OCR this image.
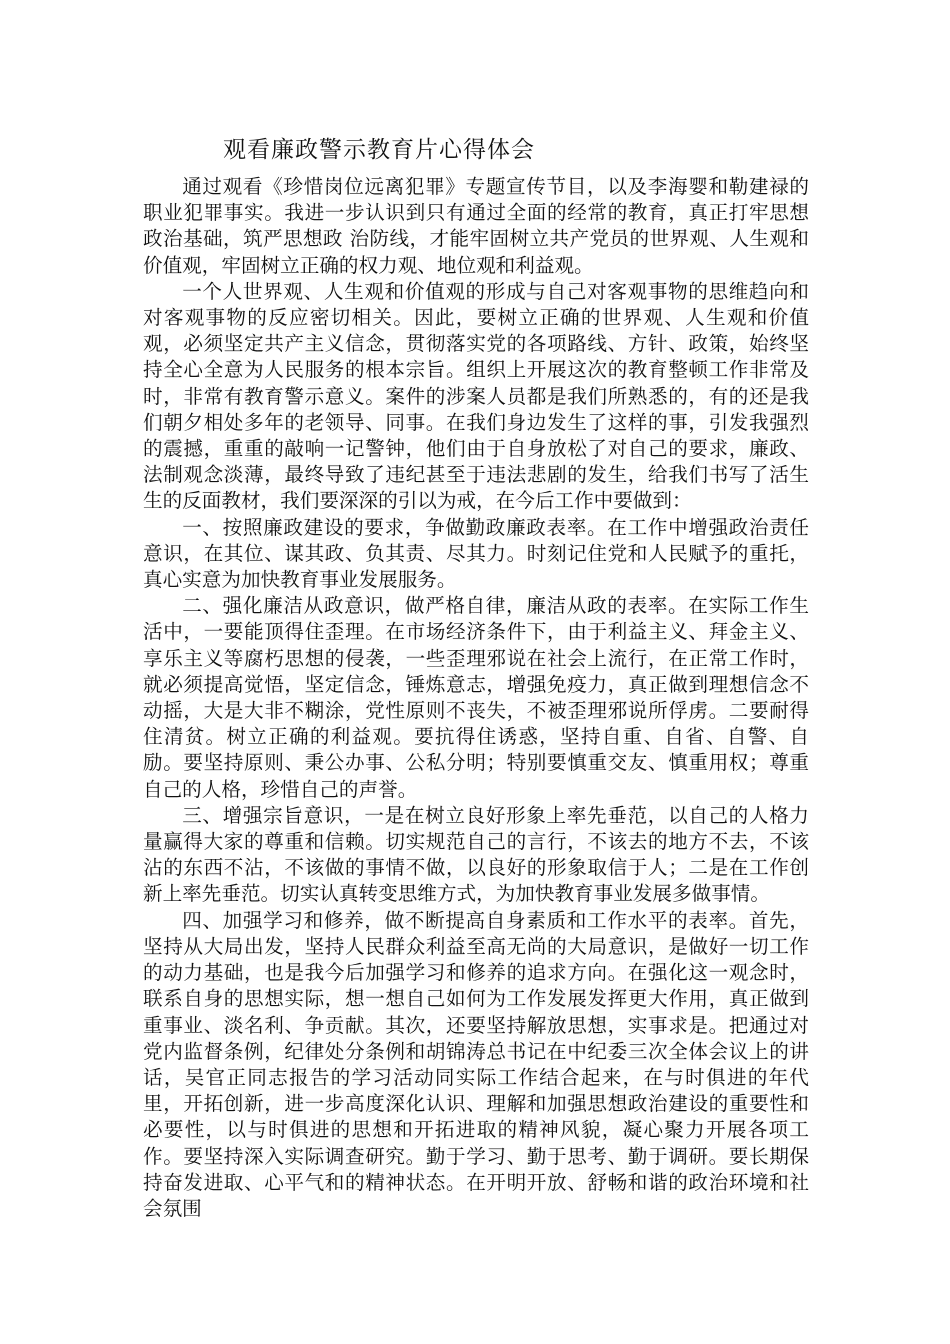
观看廉政警示教育片心得体会

通过观看《珍惜岗位远离犯罪》专题宣传节目，以及李海婴和勒建禄的职业犯罪事实。我进一步认识到只有通过全面的经常的教育，真正打牢思想政治基础，筑严思想政 治防线，才能牢固树立共产党员的世界观、人生观和价值观，牢固树立正确的权力观、地位观和利益观。

一个人世界观、人生观和价值观的形成与自己对客观事物的思维趋向和对客观事物的反应密切相关。因此，要树立正确的世界观、人生观和价值观，必须坚定共产主义信念，贯彻落实党的各项路线、方针、政策，始终坚持全心全意为人民服务的根本宗旨。组织上开展这次的教育整顿工作非常及时，非常有教育警示意义。案件的涉案人员都是我们所熟悉的，有的还是我们朝夕相处多年的老领导、同事。在我们身边发生了这样的事，引发我强烈的震撼，重重的敲响一记警钟，他们由于自身放松了对自己的要求，廉政、法制观念淡薄，最终导致了违纪甚至于违法悲剧的发生，给我们书写了活生生的反面教材，我们要深深的引以为戒，在今后工作中要做到：

一、按照廉政建设的要求，争做勤政廉政表率。在工作中增强政治责任意识，在其位、谋其政、负其责、尽其力。时刻记住党和人民赋予的重托，真心实意为加快教育事业发展服务。

二、强化廉洁从政意识，做严格自律，廉洁从政的表率。在实际工作生活中，一要能顶得住歪理。在市场经济条件下，由于利益主义、拜金主义、享乐主义等腐朽思想的侵袭，一些歪理邪说在社会上流行，在正常工作时，就必须提高觉悟，坚定信念，锤炼意志，增强免疫力，真正做到理想信念不动摇，大是大非不糊涂，党性原则不丧失，不被歪理邪说所俘虏。二要耐得住清贫。树立正确的利益观。要抗得住诱惑，坚持自重、自省、自警、自励。要坚持原则、秉公办事、公私分明；特别要慎重交友、慎重用权；尊重自己的人格，珍惜自己的声誉。

三、增强宗旨意识，一是在树立良好形象上率先垂范，以自己的人格力量赢得大家的尊重和信赖。切实规范自己的言行，不该去的地方不去，不该沾的东西不沾，不该做的事情不做，以良好的形象取信于人；二是在工作创新上率先垂范。切实认真转变思维方式，为加快教育事业发展多做事情。

四、加强学习和修养，做不断提高自身素质和工作水平的表率。首先，坚持从大局出发，坚持人民群众利益至高无尚的大局意识，是做好一切工作的动力基础，也是我今后加强学习和修养的追求方向。在强化这一观念时，联系自身的思想实际，想一想自己如何为工作发展发挥更大作用，真正做到重事业、淡名利、争贡献。其次，还要坚持解放思想，实事求是。把通过对党内监督条例，纪律处分条例和胡锦涛总书记在中纪委三次全体会议上的讲话，吴官正同志报告的学习活动同实际工作结合起来，在与时俱进的年代里，开拓创新，进一步高度深化认识、理解和加强思想政治建设的重要性和必要性，以与时俱进的思想和开拓进取的精神风貌，凝心聚力开展各项工作。要坚持深入实际调查研究。勤于学习、勤于思考、勤于调研。要长期保持奋发进取、心平气和的精神状态。在开明开放、舒畅和谐的政治环境和社会氛围
